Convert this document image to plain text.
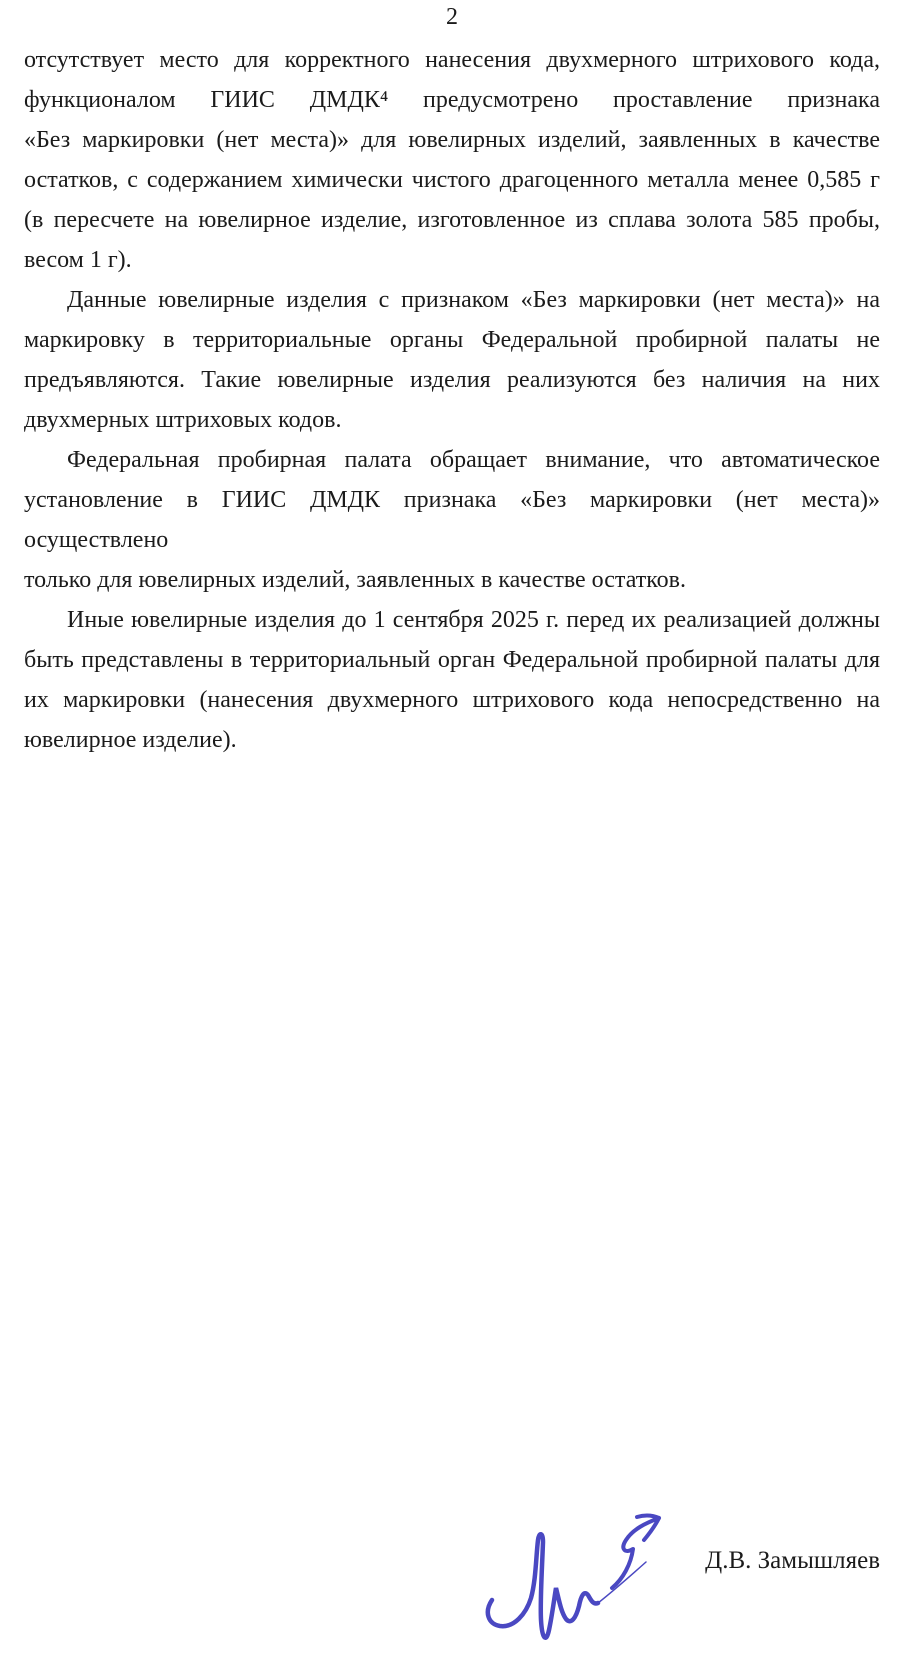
2
отсутствует место для корректного нанесения двухмерного штрихового кода,
функционалом ГИИС ДМДК⁴ предусмотрено проставление признака
«Без маркировки (нет места)» для ювелирных изделий, заявленных в качестве
остатков, с содержанием химически чистого драгоценного металла менее 0,585 г
(в пересчете на ювелирное изделие, изготовленное из сплава золота 585 пробы,
весом 1 г).
Данные ювелирные изделия с признаком «Без маркировки (нет места)» на
маркировку в территориальные органы Федеральной пробирной палаты не
предъявляются. Такие ювелирные изделия реализуются без наличия на них
двухмерных штриховых кодов.
Федеральная пробирная палата обращает внимание, что автоматическое
установление в ГИИС ДМДК признака «Без маркировки (нет места)» осуществлено
только для ювелирных изделий, заявленных в качестве остатков.
Иные ювелирные изделия до 1 сентября 2025 г. перед их реализацией должны
быть представлены в территориальный орган Федеральной пробирной палаты для
их маркировки (нанесения двухмерного штрихового кода непосредственно на
ювелирное изделие).
Д.В. Замышляев
